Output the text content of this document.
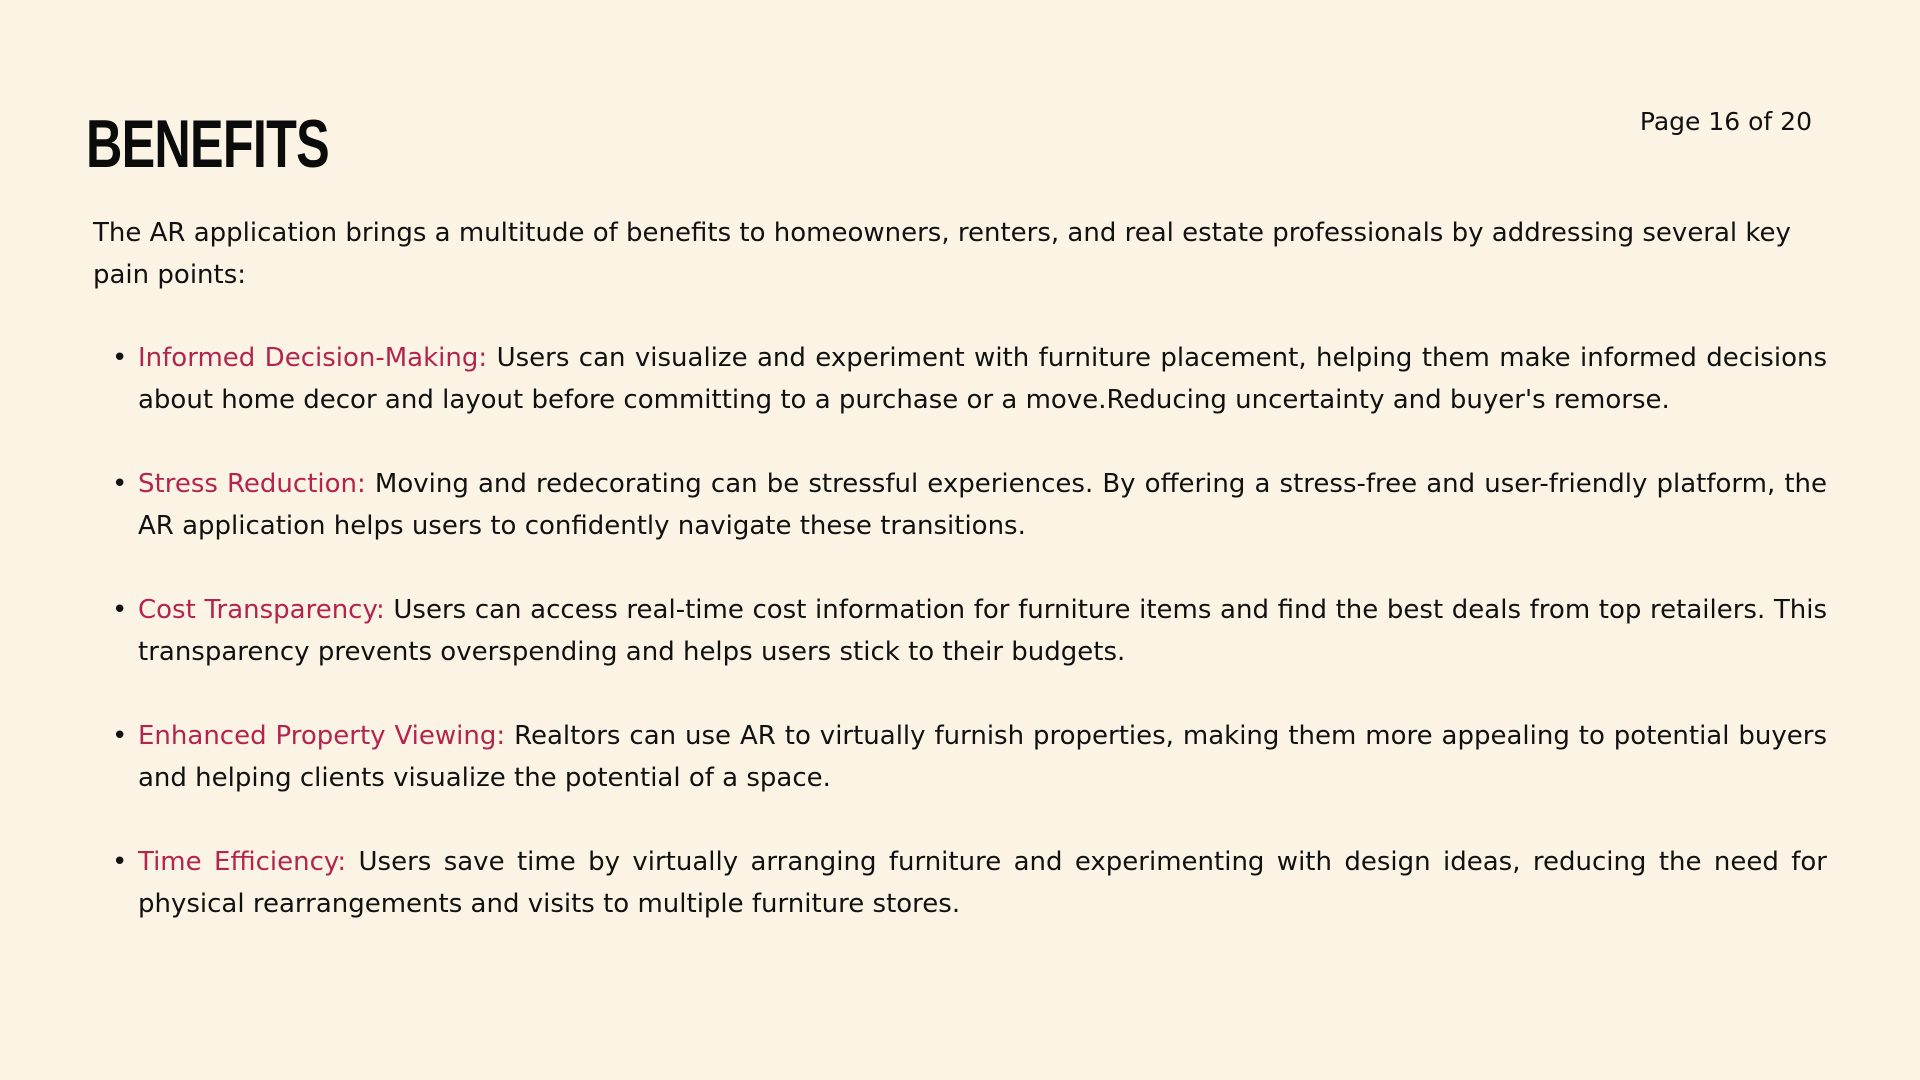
BENEFITS	Page 16 of 20

The AR application brings a multitude of benefits to homeowners, renters, and real estate professionals by addressing several key pain points:

• Informed Decision-Making: Users can visualize and experiment with furniture placement, helping them make informed decisions about home decor and layout before committing to a purchase or a move.Reducing uncertainty and buyer's remorse.
• Stress Reduction: Moving and redecorating can be stressful experiences. By offering a stress-free and user-friendly platform, the AR application helps users to confidently navigate these transitions.
• Cost Transparency: Users can access real-time cost information for furniture items and find the best deals from top retailers. This transparency prevents overspending and helps users stick to their budgets.
• Enhanced Property Viewing: Realtors can use AR to virtually furnish properties, making them more appealing to potential buyers and helping clients visualize the potential of a space.
• Time Efficiency: Users save time by virtually arranging furniture and experimenting with design ideas, reducing the need for physical rearrangements and visits to multiple furniture stores.
